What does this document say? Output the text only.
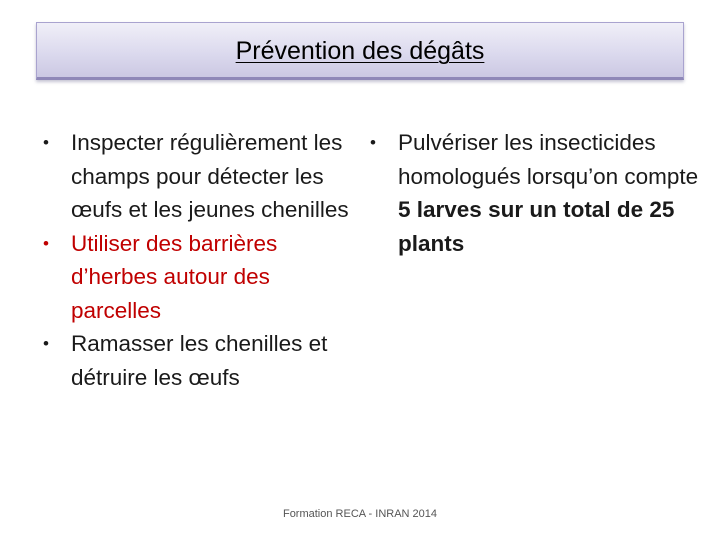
Prévention des dégâts
• Inspecter régulièrement les champs pour détecter les œufs et les jeunes chenilles
• Utiliser des barrières d’herbes autour des parcelles
• Ramasser les chenilles et détruire les œufs
• Pulvériser les insecticides homologués lorsqu’on compte 5 larves sur un total de 25 plants
Formation RECA - INRAN 2014
